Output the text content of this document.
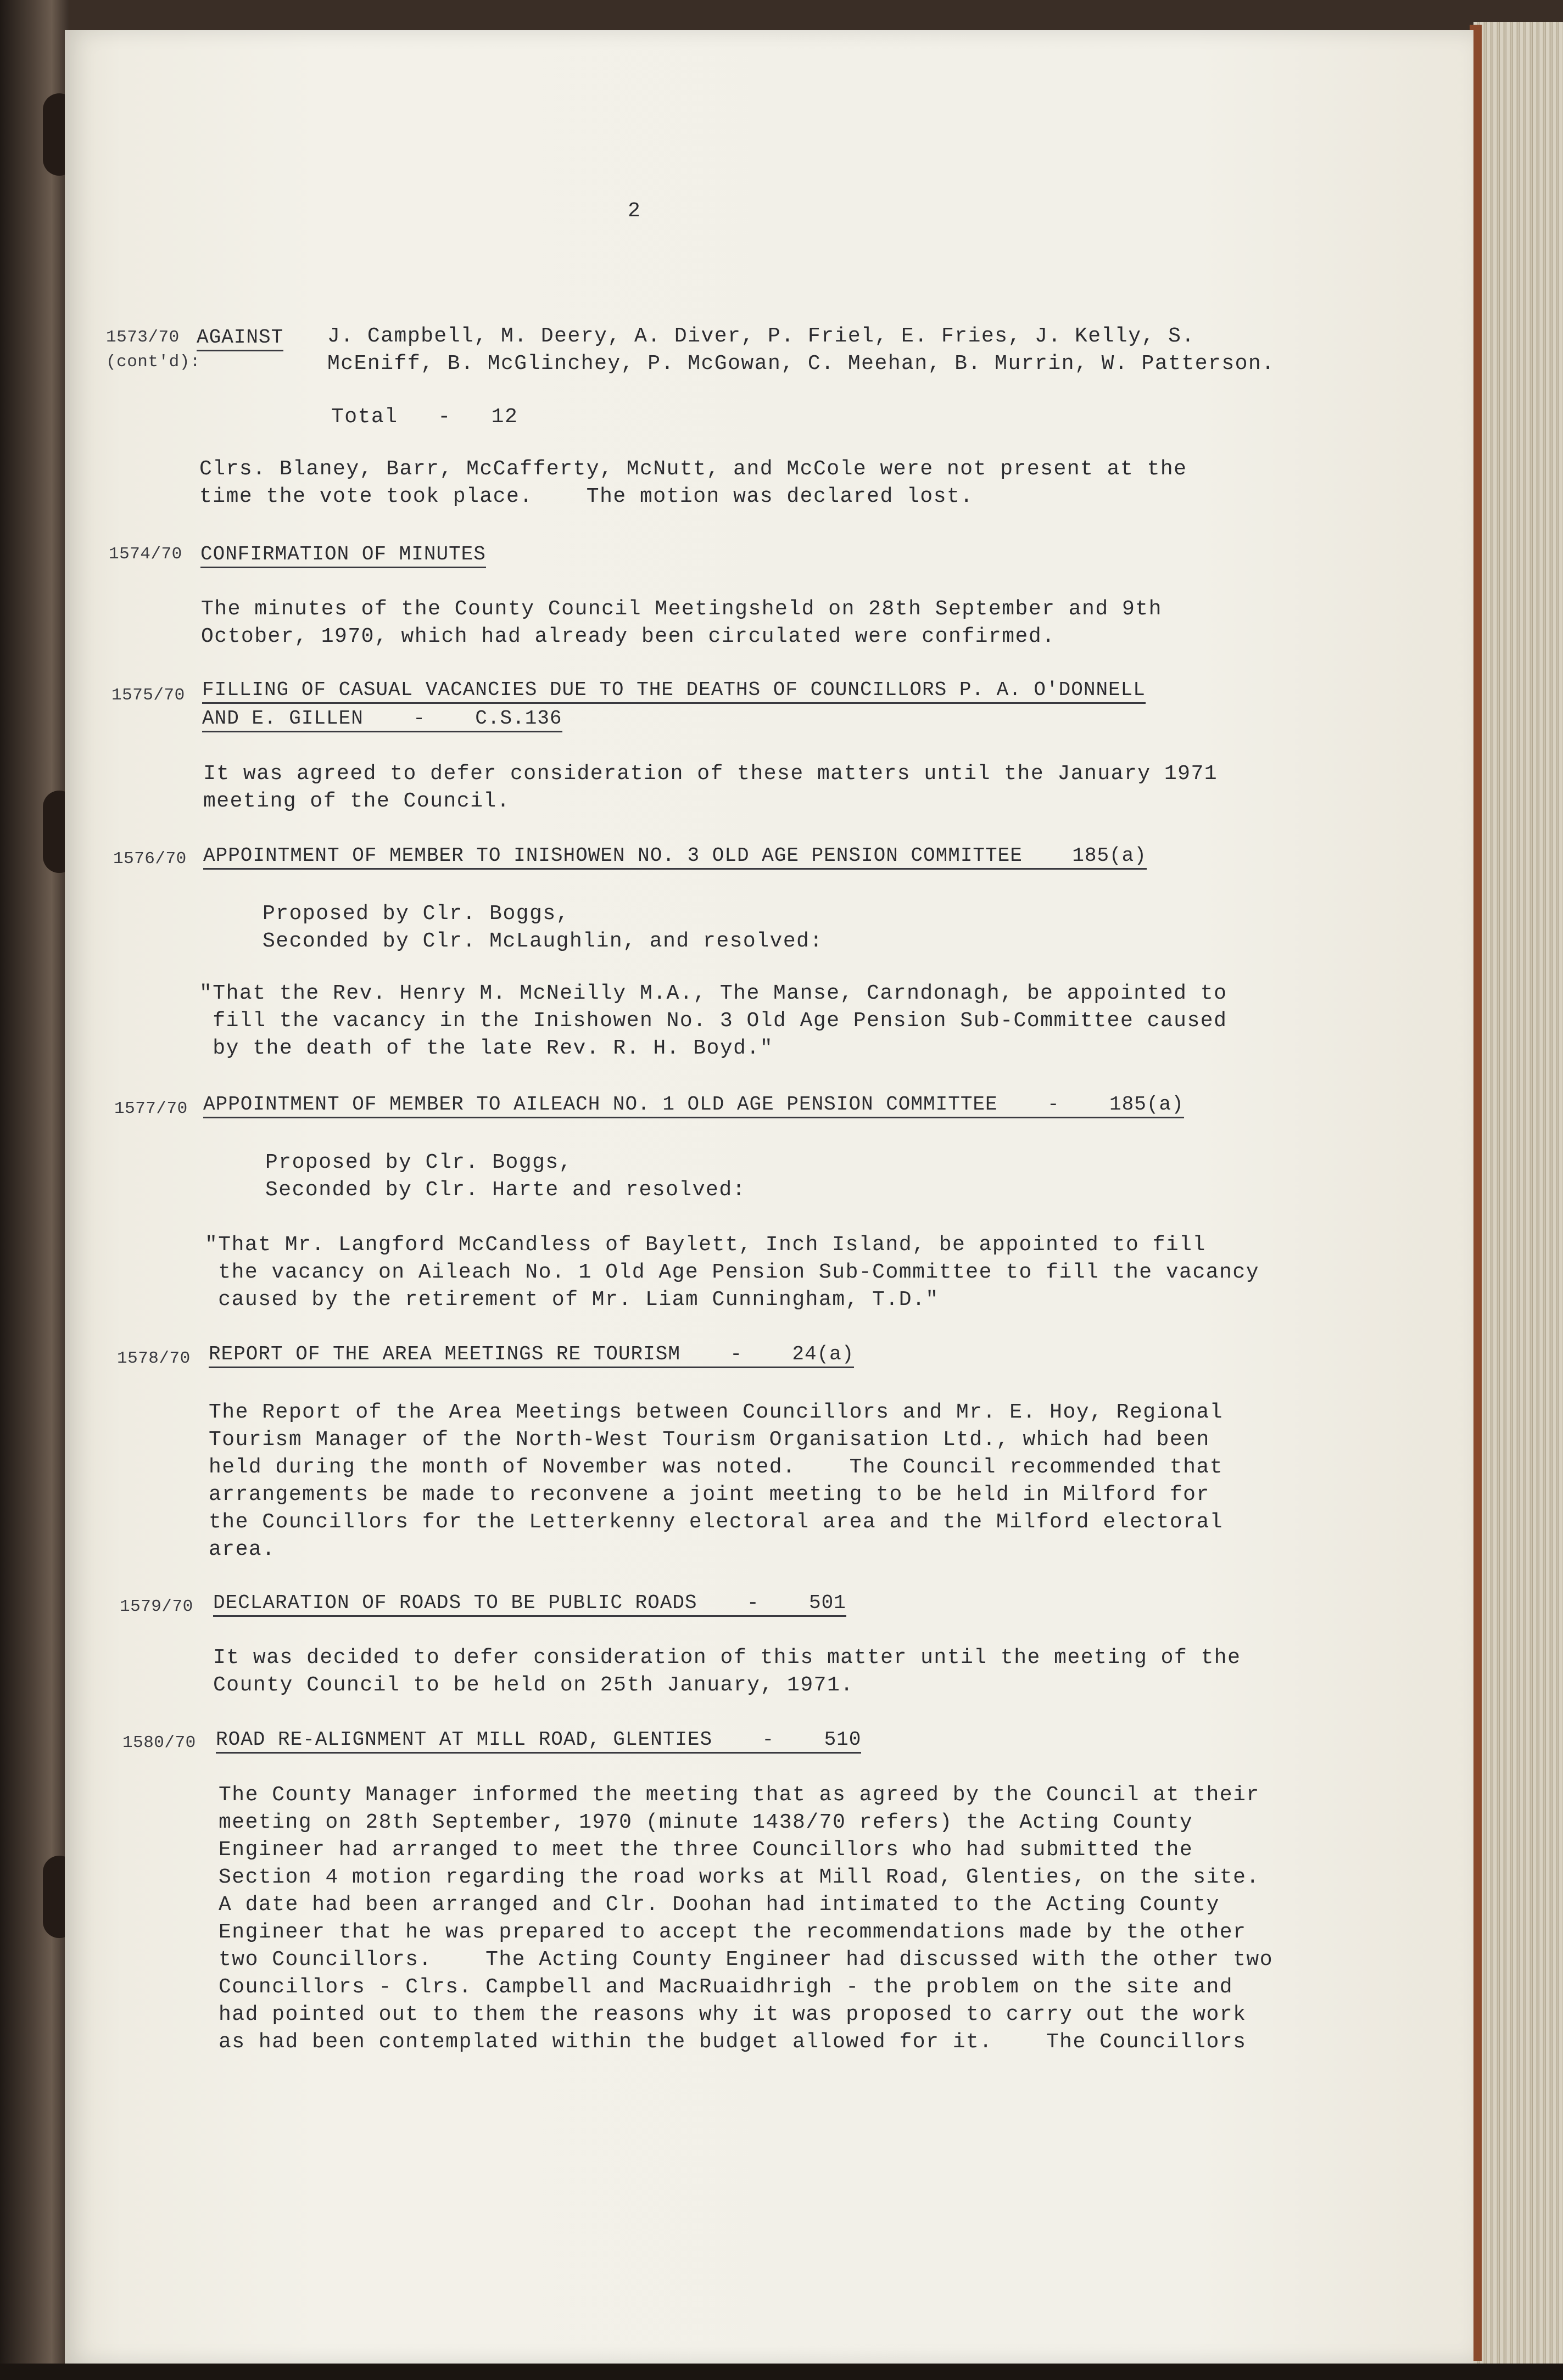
2
1573/70
(cont'd):
AGAINST J. Campbell, M. Deery, A. Diver, P. Friel, E. Fries, J. Kelly, S.
McEniff, B. McGlinchey, P. McGowan, C. Meehan, B. Murrin, W. Patterson.
Total   -   12
Clrs. Blaney, Barr, McCafferty, McNutt, and McCole were not present at the
time the vote took place.    The motion was declared lost.
1574/70 CONFIRMATION OF MINUTES
The minutes of the County Council Meetingsheld on 28th September and 9th
October, 1970, which had already been circulated were confirmed.
1575/70 FILLING OF CASUAL VACANCIES DUE TO THE DEATHS OF COUNCILLORS P. A. O'DONNELL
AND E. GILLEN    -    C.S.136
It was agreed to defer consideration of these matters until the January 1971
meeting of the Council.
1576/70 APPOINTMENT OF MEMBER TO INISHOWEN NO. 3 OLD AGE PENSION COMMITTEE    185(a)
Proposed by Clr. Boggs,
Seconded by Clr. McLaughlin, and resolved:
"That the Rev. Henry M. McNeilly M.A., The Manse, Carndonagh, be appointed to
fill the vacancy in the Inishowen No. 3 Old Age Pension Sub-Committee caused
by the death of the late Rev. R. H. Boyd."
1577/70 APPOINTMENT OF MEMBER TO AILEACH NO. 1 OLD AGE PENSION COMMITTEE    -    185(a)
Proposed by Clr. Boggs,
Seconded by Clr. Harte and resolved:
"That Mr. Langford McCandless of Baylett, Inch Island, be appointed to fill
the vacancy on Aileach No. 1 Old Age Pension Sub-Committee to fill the vacancy
caused by the retirement of Mr. Liam Cunningham, T.D."
1578/70 REPORT OF THE AREA MEETINGS RE TOURISM    -    24(a)
The Report of the Area Meetings between Councillors and Mr. E. Hoy, Regional
Tourism Manager of the North-West Tourism Organisation Ltd., which had been
held during the month of November was noted.    The Council recommended that
arrangements be made to reconvene a joint meeting to be held in Milford for
the Councillors for the Letterkenny electoral area and the Milford electoral
area.
1579/70 DECLARATION OF ROADS TO BE PUBLIC ROADS    -    501
It was decided to defer consideration of this matter until the meeting of the
County Council to be held on 25th January, 1971.
1580/70 ROAD RE-ALIGNMENT AT MILL ROAD, GLENTIES    -    510
The County Manager informed the meeting that as agreed by the Council at their
meeting on 28th September, 1970 (minute 1438/70 refers) the Acting County
Engineer had arranged to meet the three Councillors who had submitted the
Section 4 motion regarding the road works at Mill Road, Glenties, on the site.
A date had been arranged and Clr. Doohan had intimated to the Acting County
Engineer that he was prepared to accept the recommendations made by the other
two Councillors.    The Acting County Engineer had discussed with the other two
Councillors - Clrs. Campbell and MacRuaidhrigh - the problem on the site and
had pointed out to them the reasons why it was proposed to carry out the work
as had been contemplated within the budget allowed for it.    The Councillors
